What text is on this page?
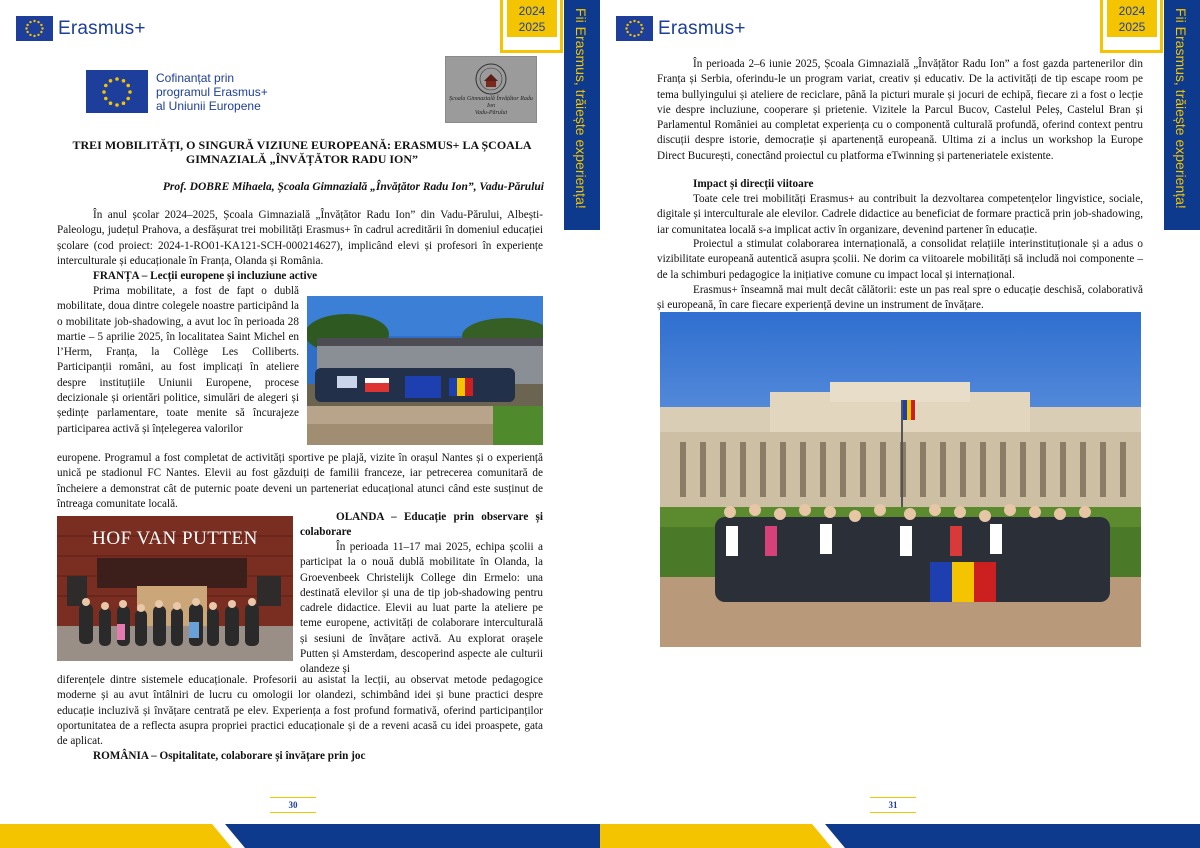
Erasmus+
2024
2025	Fii Erasmus, trăiește experiența!
Cofinanțat prin
programul Erasmus+
al Uniunii Europene	Școala Gimnazială Învățător Radu Ion
Vadu-Părului
TREI MOBILITĂȚI, O SINGURĂ VIZIUNE EUROPEANĂ: ERASMUS+ LA ȘCOALA GIMNAZIALĂ „ÎNVĂȚĂTOR RADU ION”
Prof. DOBRE Mihaela, Școala Gimnazială „Învățător Radu Ion”, Vadu-Părului
În anul școlar 2024–2025, Școala Gimnazială „Învățător Radu Ion” din Vadu-Părului, Albești-Paleologu, județul Prahova, a desfășurat trei mobilități Erasmus+ în cadrul acreditării în domeniul educației școlare (cod proiect: 2024-1-RO01-KA121-SCH-000214627), implicând elevi și profesori în experiențe interculturale și educaționale în Franța, Olanda și România.
FRANȚA – Lecții europene și incluziune active
Prima mobilitate, a fost de fapt o dublă mobilitate, doua dintre colegele noastre participând la o mobilitate job-shadowing, a avut loc în perioada 28 martie – 5 aprilie 2025, în localitatea Saint Michel en l’Herm, Franța, la Collège Les Colliberts. Participanții români, au fost implicați în ateliere despre instituțiile Uniunii Europene, procese decizionale și orientări politice, simulări de alegeri și ședințe parlamentare, toate menite să încurajeze participarea activă și înțelegerea valorilor
europene. Programul a fost completat de activități sportive pe plajă, vizite în orașul Nantes și o experiență unică pe stadionul FC Nantes. Elevii au fost găzduiți de familii franceze, iar petrecerea comunitară de încheiere a demonstrat cât de puternic poate deveni un parteneriat educațional atunci când este susținut de întreaga comunitate locală.
HOF VAN PUTTEN
OLANDA – Educație prin observare și colaborare
În perioada 11–17 mai 2025, echipa școlii a participat la o nouă dublă mobilitate în Olanda, la Groevenbeek Christelijk College din Ermelo: una destinată elevilor și una de tip job-shadowing pentru cadrele didactice. Elevii au luat parte la ateliere pe teme europene, activități de colaborare interculturală și sesiuni de învățare activă. Au explorat orașele Putten și Amsterdam, descoperind aspecte ale culturii olandeze și
diferențele dintre sistemele educaționale. Profesorii au asistat la lecții, au observat metode pedagogice moderne și au avut întâlniri de lucru cu omologii lor olandezi, schimbând idei și bune practici despre educație incluzivă și învățare centrată pe elev. Experiența a fost profund formativă, oferind participanților oportunitatea de a reflecta asupra propriei practici educaționale și de a reveni acasă cu idei proaspete, gata de aplicat.
ROMÂNIA – Ospitalitate, colaborare și învățare prin joc
30
Erasmus+
2024
2025	Fii Erasmus, trăiește experiența!
În perioada 2–6 iunie 2025, Școala Gimnazială „Învățător Radu Ion” a fost gazda partenerilor din Franța și Serbia, oferindu-le un program variat, creativ și educativ. De la activități de tip escape room pe tema bullyingului și ateliere de reciclare, până la picturi murale și jocuri de echipă, fiecare zi a fost o lecție vie despre incluziune, cooperare și prietenie. Vizitele la Parcul Bucov, Castelul Peleș, Castelul Bran și Parlamentul României au completat experiența cu o componentă culturală profundă, oferind context pentru discuții despre istorie, democrație și apartenență europeană. Ultima zi a inclus un workshop la Europe Direct București, conectând proiectul cu platforma eTwinning și parteneriatele existente.
Impact și direcții viitoare
Toate cele trei mobilități Erasmus+ au contribuit la dezvoltarea competențelor lingvistice, sociale, digitale și interculturale ale elevilor. Cadrele didactice au beneficiat de formare practică prin job-shadowing, iar comunitatea locală s-a implicat activ în organizare, devenind partener în educație.
Proiectul a stimulat colaborarea internațională, a consolidat relațiile interinstituționale și a adus o vizibilitate europeană autentică asupra școlii. Ne dorim ca viitoarele mobilități să includă noi componente – de la schimburi pedagogice la inițiative comune cu impact local și internațional.
Erasmus+ înseamnă mai mult decât călătorii: este un pas real spre o educație deschisă, colaborativă și europeană, în care fiecare experiență devine un instrument de învățare.
31
